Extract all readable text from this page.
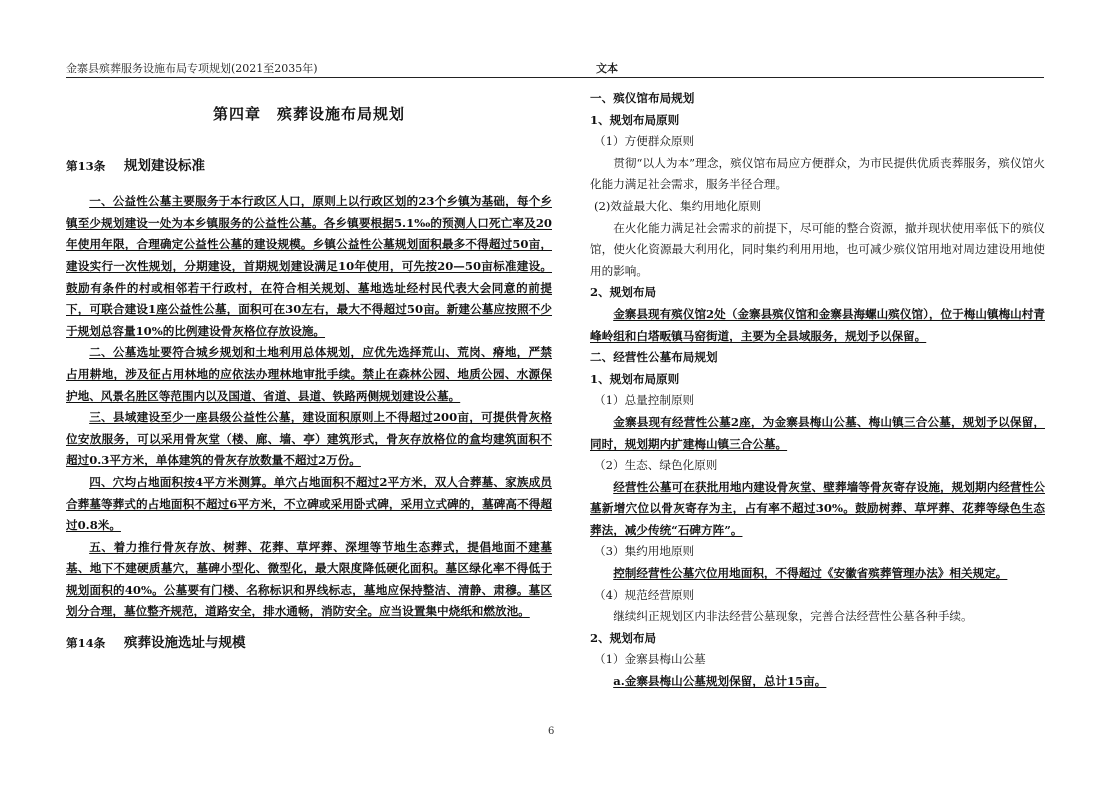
金寨县殡葬服务设施布局专项规划(2021至2035年)	文本
第四章　殡葬设施布局规划
第13条 规划建设标准

一、公益性公墓主要服务于本行政区人口，原则上以行政区划的23个乡镇为基础，每个乡镇至少规划建设一处为本乡镇服务的公益性公墓。各乡镇要根据5.1‰的预测人口死亡率及20年使用年限，合理确定公益性公墓的建设规模。乡镇公益性公墓规划面积最多不得超过50亩，建设实行一次性规划，分期建设，首期规划建设满足10年使用，可先按20—50亩标准建设。鼓励有条件的村或相邻若干行政村，在符合相关规划、墓地选址经村民代表大会同意的前提下，可联合建设1座公益性公墓，面积可在30左右，最大不得超过50亩。新建公墓应按照不少于规划总容量10%的比例建设骨灰格位存放设施。

二、公墓选址要符合城乡规划和土地利用总体规划，应优先选择荒山、荒岗、瘠地，严禁占用耕地，涉及征占用林地的应依法办理林地审批手续。禁止在森林公园、地质公园、水源保护地、风景名胜区等范围内以及国道、省道、县道、铁路两侧规划建设公墓。

三、县域建设至少一座县级公益性公墓，建设面积原则上不得超过200亩，可提供骨灰格位安放服务，可以采用骨灰堂（楼、廊、墙、亭）建筑形式，骨灰存放格位的盒均建筑面积不超过0.3平方米，单体建筑的骨灰存放数量不超过2万份。

四、穴均占地面积按4平方米测算。单穴占地面积不超过2平方米，双人合葬墓、家族成员合葬墓等葬式的占地面积不超过6平方米，不立碑或采用卧式碑，采用立式碑的，墓碑高不得超过0.8米。

五、着力推行骨灰存放、树葬、花葬、草坪葬、深埋等节地生态葬式，提倡地面不建墓基、地下不建硬质墓穴，墓碑小型化、微型化，最大限度降低硬化面积。墓区绿化率不得低于规划面积的40%。公墓要有门楼、名称标识和界线标志，墓地应保持整洁、清静、肃穆。墓区划分合理，墓位整齐规范，道路安全，排水通畅，消防安全。应当设置集中烧纸和燃放池。

第14条 殡葬设施选址与规模

一、殡仪馆布局规划

1、规划布局原则

（1）方便群众原则

贯彻“以人为本”理念，殡仪馆布局应方便群众，为市民提供优质丧葬服务，殡仪馆火化能力满足社会需求，服务半径合理。

(2)效益最大化、集约用地化原则

在火化能力满足社会需求的前提下，尽可能的整合资源，撤并现状使用率低下的殡仪馆，使火化资源最大利用化，同时集约利用用地，也可减少殡仪馆用地对周边建设用地使用的影响。

2、规划布局

金寨县现有殡仪馆2处（金寨县殡仪馆和金寨县海螺山殡仪馆），位于梅山镇梅山村青峰岭组和白塔畈镇马窑街道，主要为全县域服务，规划予以保留。

二、经营性公墓布局规划

1、规划布局原则

（1）总量控制原则

金寨县现有经营性公墓2座，为金寨县梅山公墓、梅山镇三合公墓，规划予以保留，同时，规划期内扩建梅山镇三合公墓。

（2）生态、绿色化原则

经营性公墓可在获批用地内建设骨灰堂、壁葬墙等骨灰寄存设施，规划期内经营性公墓新增穴位以骨灰寄存为主，占有率不超过30%。鼓励树葬、草坪葬、花葬等绿色生态葬法，减少传统“石碑方阵”。

（3）集约用地原则

控制经营性公墓穴位用地面积，不得超过《安徽省殡葬管理办法》相关规定。

（4）规范经营原则

继续纠正规划区内非法经营公墓现象，完善合法经营性公墓各种手续。

2、规划布局

（1）金寨县梅山公墓

a.金寨县梅山公墓规划保留，总计15亩。

6
